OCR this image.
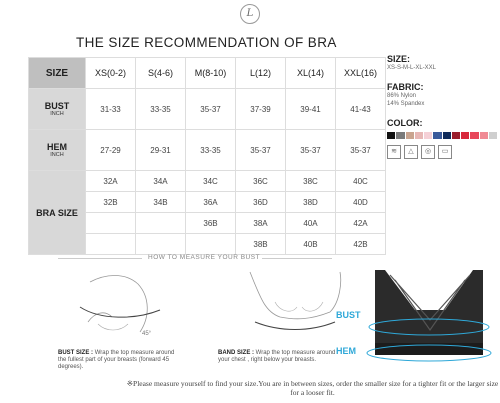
L
THE SIZE RECOMMENDATION OF BRA
SIZE	XS(0-2)	S(4-6)	M(8-10)	L(12)	XL(14)	XXL(16)
BUST
INCH	31-33	33-35	35-37	37-39	39-41	41-43
HEM
INCH	27-29	29-31	33-35	35-37	35-37	35-37
BRA SIZE	32A	34A	34C	36C	38C	40C
	32B	34B	36A	36D	38D	40D
			36B	38A	40A	42A
				38B	40B	42B
SIZE:
XS-S-M-L-XL-XXL
FABRIC:
86% Nylon
14% Spandex
COLOR:
≋	△	◎	▭
HOW TO MEASURE YOUR BUST
45°
BUST SIZE : Wrap the top measure around the fullest part of your breasts (forward 45 degrees).
BAND SIZE : Wrap the top measure around your chest , right below your breasts.
BUST
HEM
※Please measure yourself to find your size.You are in between sizes, order the smaller size for a tighter fit or the larger size for a looser fit.
